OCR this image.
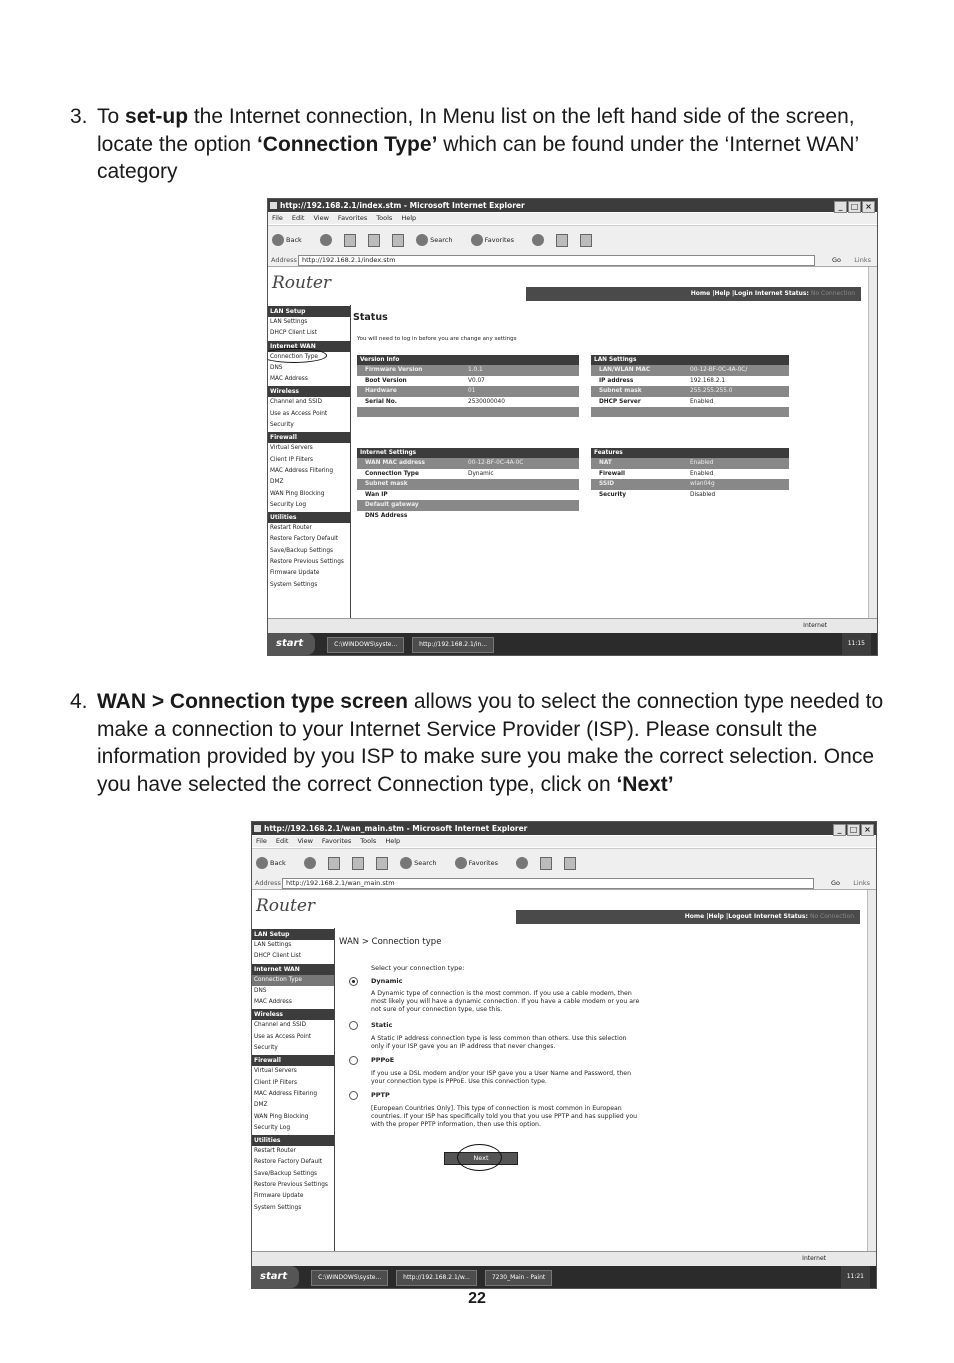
3. To set-up the Internet connection, In Menu list on the left hand side of the screen, locate the option ‘Connection Type’ which can be found under the ‘Internet WAN’ category
http://192.168.2.1/index.stm - Microsoft Internet Explorer	_ □ ×
File Edit View Favorites Tools Help
Back	Search	Favorites
Address http://192.168.2.1/index.stm	Go Links
Router
Home |Help |Login Internet Status: No Connection
LAN Setup
LAN Settings
DHCP Client List
Internet WAN
Connection Type
DNS
MAC Address
Wireless
Channel and SSID
Use as Access Point
Security
Firewall
Virtual Servers
Client IP Filters
MAC Address Filtering
DMZ
WAN Ping Blocking
Security Log
Utilities
Restart Router
Restore Factory Default
Save/Backup Settings
Restore Previous Settings
Firmware Update
System Settings
Status
You will need to log in before you are change any settings
Version Info
Firmware Version	1.0.1
Boot Version	V0.07
Hardware	01
Serial No.	2530000040
LAN Settings
LAN/WLAN MAC	00-12-BF-0C-4A-0C/
IP address	192.168.2.1
Subnet mask	255.255.255.0
DHCP Server	Enabled
Internet Settings
WAN MAC address	00-12-BF-0C-4A-0C
Connection Type	Dynamic
Subnet mask
Wan IP
Default gateway
DNS Address
Features
NAT	Enabled
Firewall	Enabled
SSID	wlan04g
Security	Disabled
Internet
start	C:\WINDOWS\syste...	http://192.168.2.1/in...	11:15
4. WAN > Connection type screen allows you to select the connection type needed to make a connection to your Internet Service Provider (ISP). Please consult the information provided by you ISP to make sure you make the correct selection. Once you have selected the correct Connection type, click on ‘Next’
http://192.168.2.1/wan_main.stm - Microsoft Internet Explorer	_ □ ×
File Edit View Favorites Tools Help
Back	Search	Favorites
Address http://192.168.2.1/wan_main.stm	Go Links
Router
Home |Help |Logout Internet Status: No Connection
LAN Setup
LAN Settings
DHCP Client List
Internet WAN
Connection Type
DNS
MAC Address
Wireless
Channel and SSID
Use as Access Point
Security
Firewall
Virtual Servers
Client IP Filters
MAC Address Filtering
DMZ
WAN Ping Blocking
Security Log
Utilities
Restart Router
Restore Factory Default
Save/Backup Settings
Restore Previous Settings
Firmware Update
System Settings
WAN > Connection type
Select your connection type:
Dynamic
A Dynamic type of connection is the most common. If you use a cable modem, then most likely you will have a dynamic connection. If you have a cable modem or you are not sure of your connection type, use this.
Static
A Static IP address connection type is less common than others. Use this selection only if your ISP gave you an IP address that never changes.
PPPoE
If you use a DSL modem and/or your ISP gave you a User Name and Password, then your connection type is PPPoE. Use this connection type.
PPTP
[European Countries Only]. This type of connection is most common in European countries. If your ISP has specifically told you that you use PPTP and has supplied you with the proper PPTP information, then use this option.
Next
Internet
start	C:\WINDOWS\syste...	http://192.168.2.1/w...	7230_Main - Paint	11:21
22
